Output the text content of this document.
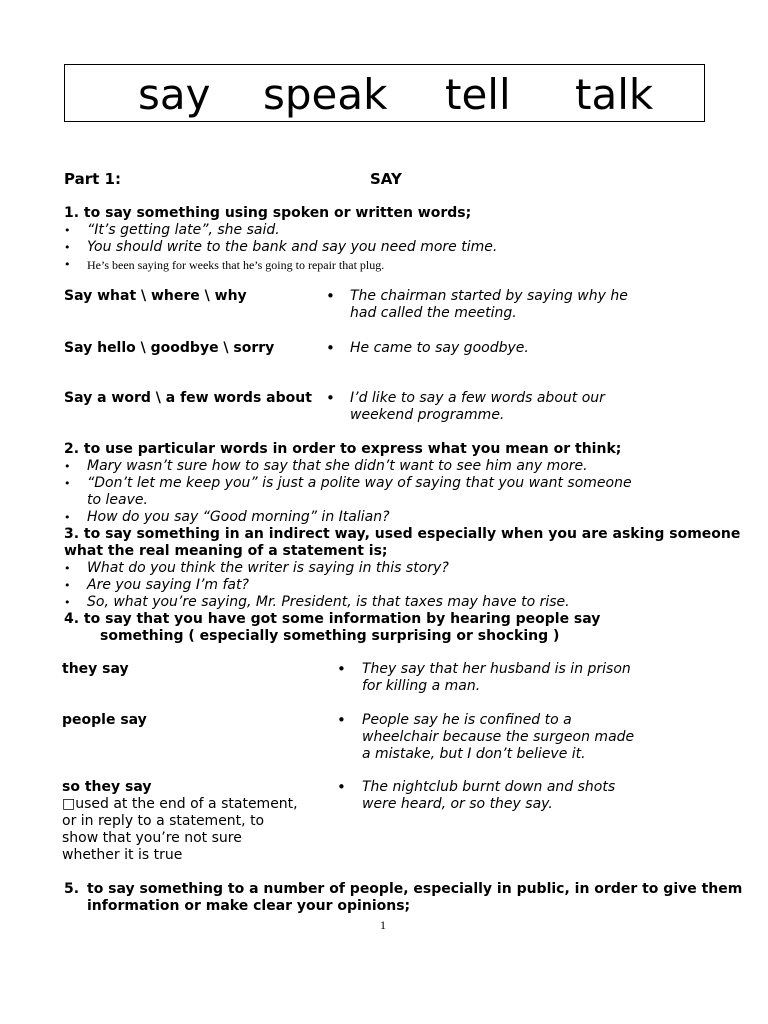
say speak tell talk
Part 1:	SAY
1. to say something using spoken or written words;
• “It’s getting late”, she said.
• You should write to the bank and say you need more time.
• He’s been saying for weeks that he’s going to repair that plug.
Say what \ where \ why	• The chairman started by saying why he
had called the meeting.
Say hello \ goodbye \ sorry	• He came to say goodbye.
Say a word \ a few words about • I’d like to say a few words about our
weekend programme.
2. to use particular words in order to express what you mean or think;
• Mary wasn’t sure how to say that she didn’t want to see him any more.
• “Don’t let me keep you” is just a polite way of saying that you want someone
to leave.
• How do you say “Good morning” in Italian?
3. to say something in an indirect way, used especially when you are asking someone
what the real meaning of a statement is;
• What do you think the writer is saying in this story?
• Are you saying I’m fat?
• So, what you’re saying, Mr. President, is that taxes may have to rise.
4. to say that you have got some information by hearing people say
something ( especially something surprising or shocking )
they say	• They say that her husband is in prison
for killing a man.
people say	• People say he is confined to a
wheelchair because the surgeon made
a mistake, but I don’t believe it.
so they say
□used at the end of a statement,
or in reply to a statement, to
show that you’re not sure
whether it is true
• The nightclub burnt down and shots
were heard, or so they say.
5. to say something to a number of people, especially in public, in order to give them
information or make clear your opinions;
1
